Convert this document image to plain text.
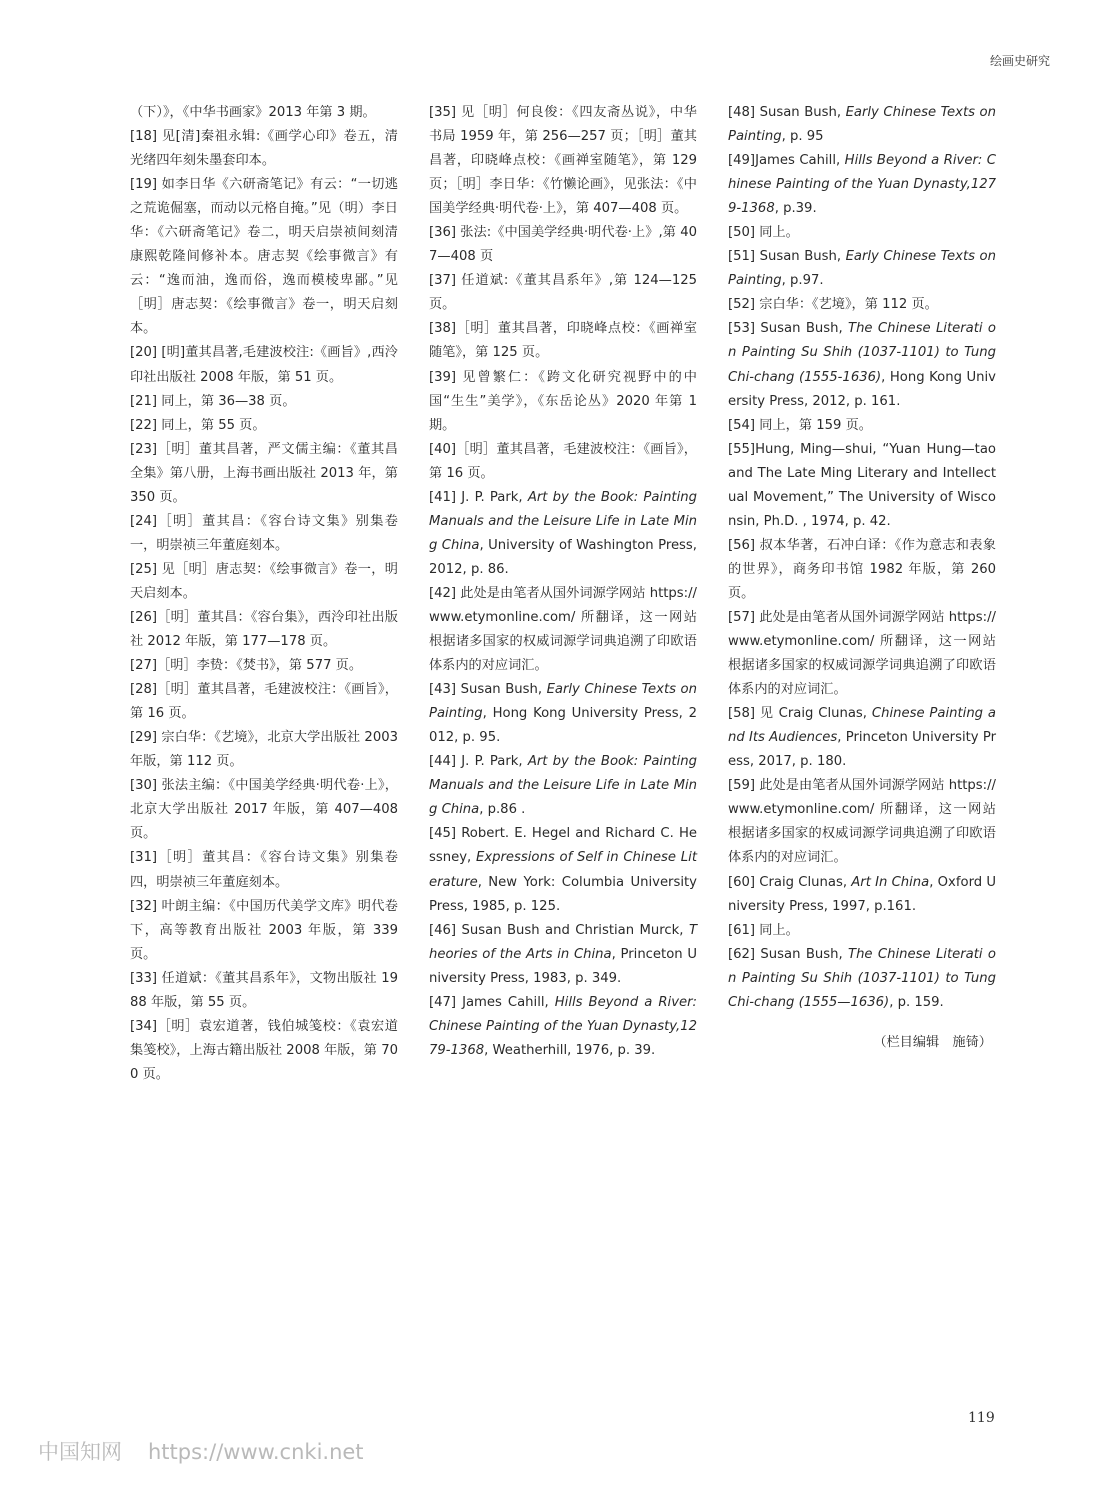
绘画史研究

（下）》，《中华书画家》2013 年第 3 期。

[18] 见[清]秦祖永辑:《画学心印》卷五，清光绪四年刻朱墨套印本。

[19] 如李日华《六研斋笔记》有云：“一切逃之荒诡倔塞，而动以元格自掩。”见（明）李日华：《六研斋笔记》卷二，明天启崇祯间刻清康熙乾隆间修补本。唐志契《绘事微言》有云：“逸而油，逸而俗，逸而模棱卑鄙。”见［明］唐志契：《绘事微言》卷一，明天启刻本。

[20] [明]董其昌著,毛建波校注:《画旨》,西泠印社出版社 2008 年版，第 51 页。

[21] 同上，第 36—38 页。

[22] 同上，第 55 页。

[23]［明］董其昌著，严文儒主编：《董其昌全集》第八册，上海书画出版社 2013 年，第 350 页。

[24]［明］董其昌：《容台诗文集》别集卷一，明崇祯三年董庭刻本。

[25] 见［明］唐志契：《绘事微言》卷一，明天启刻本。

[26]［明］董其昌：《容台集》，西泠印社出版社 2012 年版，第 177—178 页。

[27]［明］李贽：《焚书》，第 577 页。

[28]［明］董其昌著，毛建波校注：《画旨》，第 16 页。

[29] 宗白华：《艺境》，北京大学出版社 2003 年版，第 112 页。

[30] 张法主编：《中国美学经典·明代卷·上》，北京大学出版社 2017 年版，第 407—408 页。

[31]［明］董其昌：《容台诗文集》别集卷四，明崇祯三年董庭刻本。

[32] 叶朗主编：《中国历代美学文库》明代卷下，高等教育出版社 2003 年版，第 339 页。

[33] 任道斌：《董其昌系年》，文物出版社 1988 年版，第 55 页。

[34]［明］袁宏道著，钱伯城笺校：《袁宏道集笺校》，上海古籍出版社 2008 年版，第 700 页。

[35] 见［明］何良俊：《四友斋丛说》，中华书局 1959 年，第 256—257 页；［明］董其昌著，印晓峰点校：《画禅室随笔》，第 129 页；［明］李日华：《竹懒论画》，见张法：《中国美学经典·明代卷·上》，第 407—408 页。

[36] 张法:《中国美学经典·明代卷·上》,第 407—408 页

[37] 任道斌:《董其昌系年》,第 124—125 页。

[38]［明］董其昌著，印晓峰点校：《画禅室随笔》，第 125 页。

[39] 见曾繁仁：《跨文化研究视野中的中国“生生”美学》，《东岳论丛》2020 年第 1 期。

[40]［明］董其昌著，毛建波校注：《画旨》，第 16 页。

[41] J. P. Park, Art by the Book: Painting Manuals and the Leisure Life in Late Ming China, University of Washington Press, 2012, p. 86.

[42] 此处是由笔者从国外词源学网站 https://www.etymonline.com/ 所翻译，这一网站根据诸多国家的权威词源学词典追溯了印欧语体系内的对应词汇。

[43] Susan Bush, Early Chinese Texts on Painting, Hong Kong University Press, 2012, p. 95.

[44] J. P. Park, Art by the Book: Painting Manuals and the Leisure Life in Late Ming China, p.86 .

[45] Robert. E. Hegel and Richard C. Hessney, Expressions of Self in Chinese Literature, New York: Columbia University Press, 1985, p. 125.

[46] Susan Bush and Christian Murck, Theories of the Arts in China, Princeton University Press, 1983, p. 349.

[47] James Cahill, Hills Beyond a River: Chinese Painting of the Yuan Dynasty,1279-1368, Weatherhill, 1976, p. 39.

[48] Susan Bush, Early Chinese Texts on Painting, p. 95

[49]James Cahill, Hills Beyond a River: Chinese Painting of the Yuan Dynasty,1279-1368, p.39.

[50] 同上。

[51] Susan Bush, Early Chinese Texts on Painting, p.97.

[52] 宗白华：《艺境》，第 112 页。

[53] Susan Bush, The Chinese Literati on Painting Su Shih (1037-1101) to Tung Chi-chang (1555-1636), Hong Kong University Press, 2012, p. 161.

[54] 同上，第 159 页。

[55]Hung, Ming—shui, “Yuan Hung—tao and The Late Ming Literary and Intellectual Movement,” The University of Wisconsin, Ph.D. , 1974, p. 42.

[56] 叔本华著，石冲白译：《作为意志和表象的世界》，商务印书馆 1982 年版，第 260 页。

[57] 此处是由笔者从国外词源学网站 https://www.etymonline.com/ 所翻译，这一网站根据诸多国家的权威词源学词典追溯了印欧语体系内的对应词汇。

[58] 见 Craig Clunas, Chinese Painting and Its Audiences, Princeton University Press, 2017, p. 180.

[59] 此处是由笔者从国外词源学网站 https://www.etymonline.com/ 所翻译，这一网站根据诸多国家的权威词源学词典追溯了印欧语体系内的对应词汇。

[60] Craig Clunas, Art In China, Oxford University Press, 1997, p.161.

[61] 同上。

[62] Susan Bush, The Chinese Literati on Painting Su Shih (1037-1101) to Tung Chi-chang (1555—1636), p. 159.

（栏目编辑　施锜）

119
中国知网 https://www.cnki.net
